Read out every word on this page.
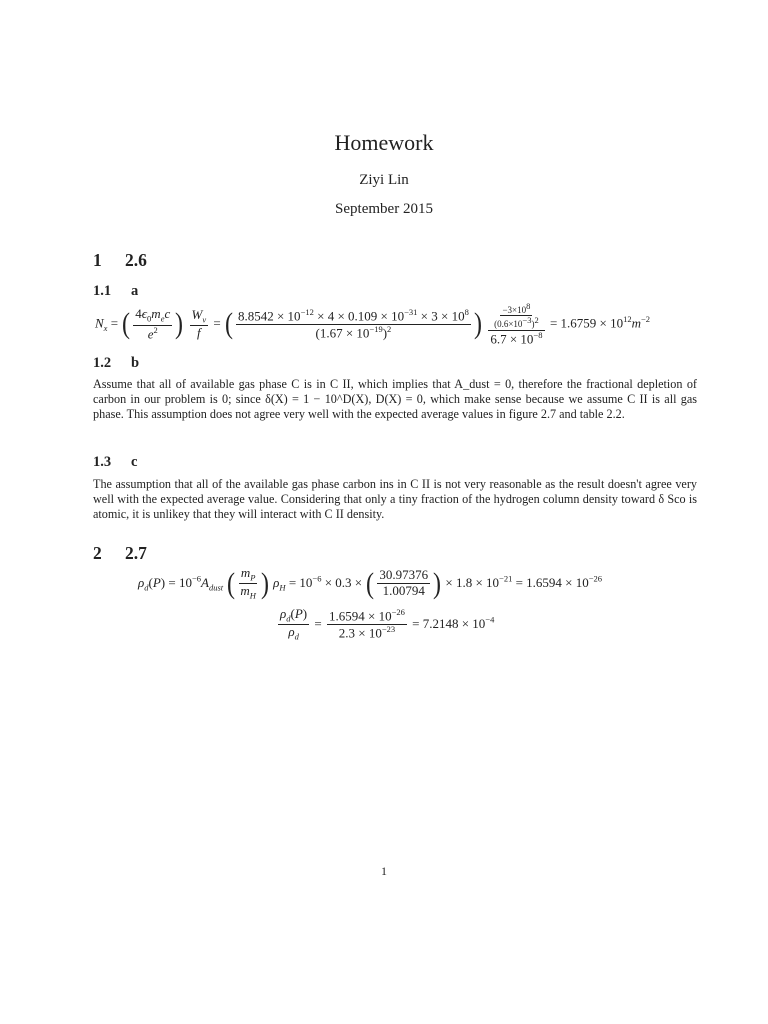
Homework
Ziyi Lin
September 2015
1 2.6
1.1 a
$N_x$ = ( $\frac{4\epsilon_0m_ec}{e^2}$ ) $\frac{W_\nu}{f}$ = ( $\frac{8.8542 \times 10^{-12} \times 4 \times 0.109 \times 10^{-31} \times 3 \times 10^8}{(1.67 \times 10^{-19})^2}$ ) $\frac{\frac{-3\times 10^8}{(0.6\times 10^{-3})^2}}{6.7 \times 10^{-8}} = 1.6759 \times 10^{12}m^{-2}$
1.2 b
Assume that all of available gas phase C is in C II, which implies that A_dust = 0, therefore the fractional depletion of carbon in our problem is 0; since δ(X) = 1 − 10^D(X), D(X) = 0, which make sense because we assume C II is all gas phase. This assumption does not agree very well with the expected average values in figure 2.7 and table 2.2.
1.3 c
The assumption that all of the available gas phase carbon ins in C II is not very reasonable as the result doesn't agree very well with the expected average value. Considering that only a tiny fraction of the hydrogen column density toward δ Sco is atomic, it is unlikey that they will interact with C II density.
2 2.7
$\rho_d(P) = 10^{-6}A_{dust}$ ( $\frac{m_P}{m_H}$ ) $\rho_H = 10^{-6} \times 0.3$ × ( $\frac{30.97376}{1.00794}$ ) × $1.8 \times 10^{-21} = 1.6594 \times 10^{-26}$
$\frac{\rho_d(P)}{\rho_d} = \frac{1.6594 \times 10^{-26}}{2.3 \times 10^{-23}} = 7.2148 \times 10^{-4}$
1
